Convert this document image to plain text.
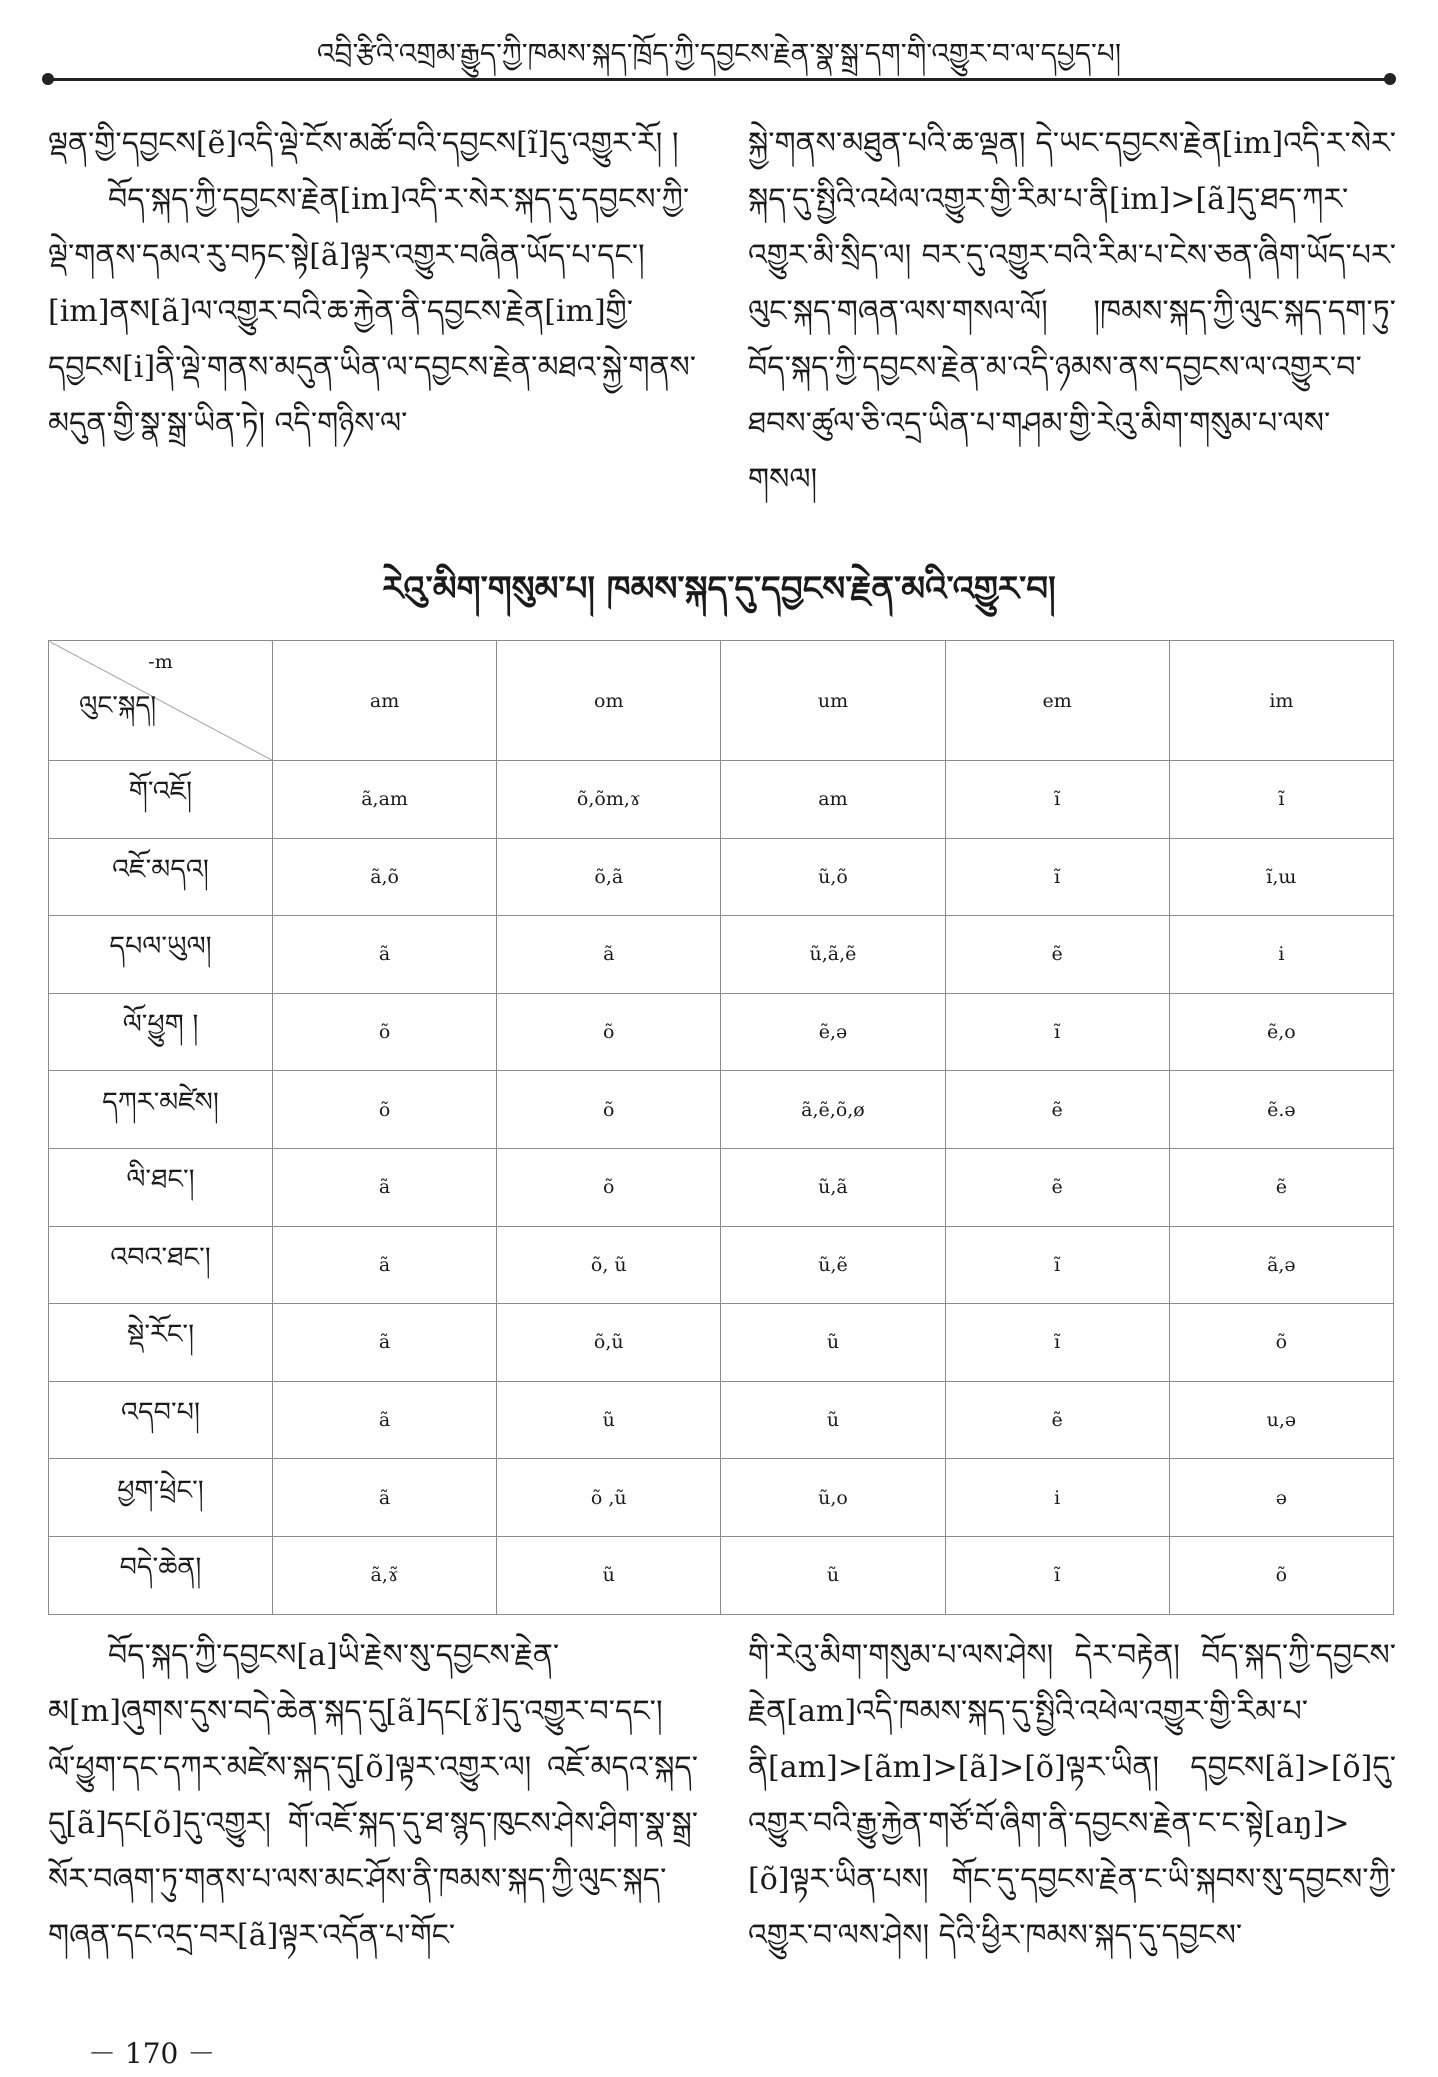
འབྲི་རྩིའི་འགྲམ་རྒྱུད་ཀྱི་ཁམས་སྐད་ཁྲོད་ཀྱི་དབྱངས་རྗེན་སྣ་སྒྲ་དག་གི་འགྱུར་བ་ལ་དཔྱད་པ།

ལྡན་གྱི་དབྱངས[ẽ]འདི་ལྡེ་ངོས་མཚོ་བའི་དབྱངས[ĩ]དུ་འགྱུར་རོ། །

བོད་སྐད་ཀྱི་དབྱངས་རྗེན[im]འདི་ར་སེར་སྐད་དུ་དབྱངས་ཀྱི་ལྡེ་གནས་དམའ་རུ་བཏང་སྟེ[ã]ལྟར་འགྱུར་བཞིན་ཡོད་པ་དང་། [im]ནས[ã]ལ་འགྱུར་བའི་ཆ་རྐྱེན་ནི་དབྱངས་རྗེན[im]གྱི་དབྱངས[i]ནི་ལྡེ་གནས་མདུན་ཡིན་ལ་དབྱངས་རྗེན་མཐའ་སྐྱེ་གནས་མདུན་གྱི་སྣ་སྒྲ་ཡིན་ཏེ། འདི་གཉིས་ལ་

སྐྱེ་གནས་མཐུན་པའི་ཆ་ལྡན། དེ་ཡང་དབྱངས་རྗེན[im]འདི་ར་སེར་སྐད་དུ་སྤྱིའི་འཕེལ་འགྱུར་གྱི་རིམ་པ་ནི[im]>[ã]དུ་ཐད་ཀར་འགྱུར་མི་སྲིད་ལ། བར་དུ་འགྱུར་བའི་རིམ་པ་ངེས་ཅན་ཞིག་ཡོད་པར་ལུང་སྐད་གཞན་ལས་གསལ་ལོ། །ཁམས་སྐད་ཀྱི་ལུང་སྐད་དག་ཏུ་བོད་སྐད་ཀྱི་དབྱངས་རྗེན་མ་འདི་ཉམས་ནས་དབྱངས་ལ་འགྱུར་བ་ཐབས་ཚུལ་ཅི་འདྲ་ཡིན་པ་གཤམ་གྱི་རེའུ་མིག་གསུམ་པ་ལས་གསལ།

རེའུ་མིག་གསུམ་པ། ཁམས་སྐད་དུ་དབྱངས་རྗེན་མའི་འགྱུར་བ།
-m
ལུང་སྐད།	am	om	um	em	im
གོ་འཇོ།	ã,am	õ,õm,ɤ	am	ĩ	ĩ
འཇོ་མདའ།	ã,õ	õ,ã	ũ,õ	ĩ	ĩ,ɯ
དཔལ་ཡུལ།	ã	ã	ũ,ã,ẽ	ẽ	i
ལོ་ཕྱུག །	õ	õ	ẽ,ə	ĩ	ẽ,o
དཀར་མཛེས།	õ	õ	ã,ẽ,õ,ø	ẽ	ẽ.ə
ལི་ཐང་།	ã	õ	ũ,ã	ẽ	ẽ
འབའ་ཐང་།	ã	õ, ũ	ũ,ẽ	ĩ	ã,ə
སྡེ་རོང་།	ã	õ,ũ	ũ	ĩ	õ
འདབ་པ།	ã	ũ	ũ	ẽ	u,ə
ཕྱག་ཕྲེང་།	ã	õ ,ũ	ũ,o	i	ə
བདེ་ཆེན།	ã,ɤ̃	ũ	ũ	ĩ	õ

བོད་སྐད་ཀྱི་དབྱངས[a]ཡི་རྗེས་སུ་དབྱངས་རྗེན་མ[m]ཞུགས་དུས་བདེ་ཆེན་སྐད་དུ[ã]དང[ɤ̃]དུ་འགྱུར་བ་དང་། ལོ་ཕྱུག་དང་དཀར་མཛེས་སྐད་དུ[õ]ལྟར་འགྱུར་ལ། འཇོ་མདའ་སྐད་དུ[ã]དང[õ]དུ་འགྱུར། གོ་འཇོ་སྐད་དུ་ཐ་སྙད་ཁུངས་ཤེས་ཤིག་སྣ་སྒྲ་སོར་བཞག་ཏུ་གནས་པ་ལས་མང་ཤོས་ནི་ཁམས་སྐད་ཀྱི་ལུང་སྐད་གཞན་དང་འདྲ་བར[ã]ལྟར་འདོན་པ་གོང་

གི་རེའུ་མིག་གསུམ་པ་ལས་ཤེས། དེར་བརྟེན། བོད་སྐད་ཀྱི་དབྱངས་རྗེན[am]འདི་ཁམས་སྐད་དུ་སྤྱིའི་འཕེལ་འགྱུར་གྱི་རིམ་པ་ནི[am]>[ãm]>[ã]>[õ]ལྟར་ཡིན། དབྱངས[ã]>[õ]དུ་འགྱུར་བའི་རྒྱུ་རྐྱེན་གཙོ་བོ་ཞིག་ནི་དབྱངས་རྗེན་ང་ང་སྟེ[aŋ]>[õ]ལྟར་ཡིན་པས། གོང་དུ་དབྱངས་རྗེན་ང་ཡི་སྐབས་སུ་དབྱངས་ཀྱི་འགྱུར་བ་ལས་ཤེས། དེའི་ཕྱིར་ཁམས་སྐད་དུ་དབྱངས་

－ 170 －
